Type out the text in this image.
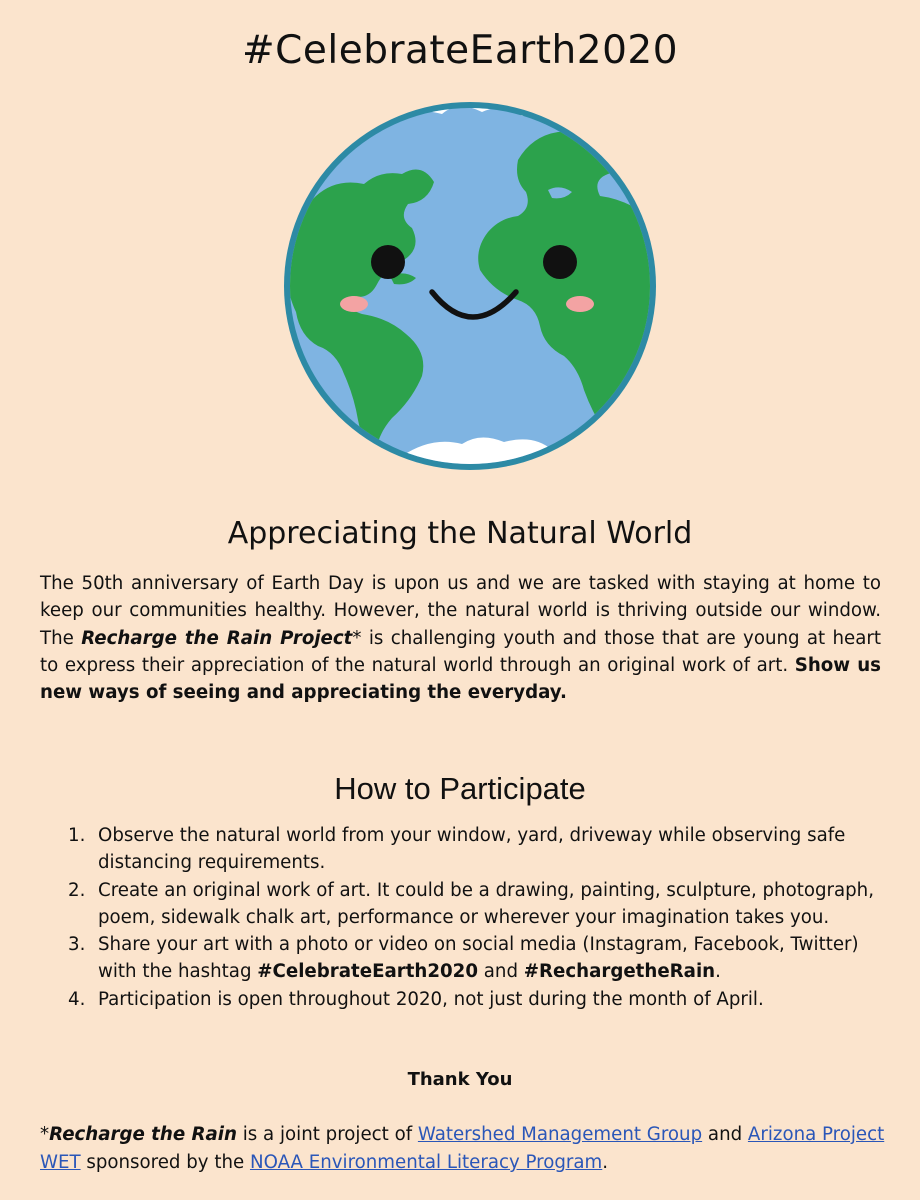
#CelebrateEarth2020
Appreciating the Natural World
The 50th anniversary of Earth Day is upon us and we are tasked with staying at home to keep our communities healthy. However, the natural world is thriving outside our window. The Recharge the Rain Project* is challenging youth and those that are young at heart to express their appreciation of the natural world through an original work of art. Show us new ways of seeing and appreciating the everyday.
How to Participate
1. Observe the natural world from your window, yard, driveway while observing safe distancing requirements.
2. Create an original work of art. It could be a drawing, painting, sculpture, photograph, poem, sidewalk chalk art, performance or wherever your imagination takes you.
3. Share your art with a photo or video on social media (Instagram, Facebook, Twitter) with the hashtag #CelebrateEarth2020 and #RechargetheRain.
4. Participation is open throughout 2020, not just during the month of April.
Thank You
*Recharge the Rain is a joint project of Watershed Management Group and Arizona Project WET sponsored by the NOAA Environmental Literacy Program.
